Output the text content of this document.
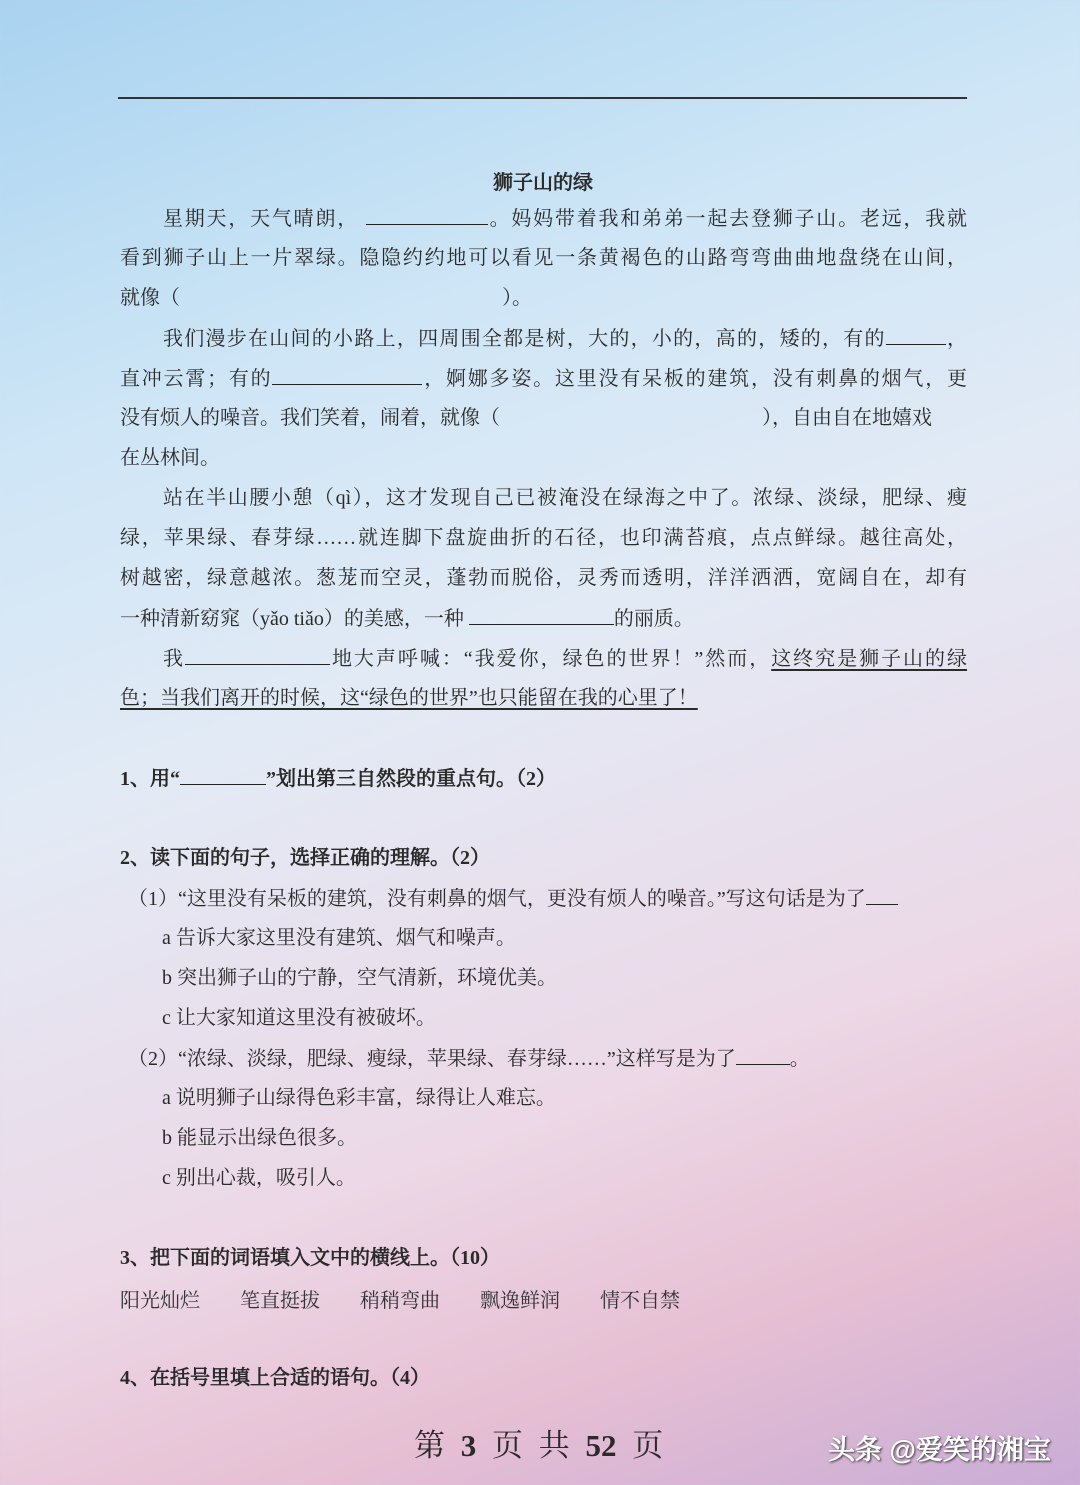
狮子山的绿
星期天，天气晴朗，	。妈妈带着我和弟弟一起去登狮子山。老远，我就
看到狮子山上一片翠绿。隐隐约约地可以看见一条黄褐色的山路弯弯曲曲地盘绕在山间，
就像（	）。
我们漫步在山间的小路上，四周围全都是树，大的，小的，高的，矮的，有的	，
直冲云霄；有的	，婀娜多姿。这里没有呆板的建筑，没有刺鼻的烟气，更
没有烦人的噪音。我们笑着，闹着，就像（	），自由自在地嬉戏
在丛林间。
站在半山腰小憩（qì），这才发现自己已被淹没在绿海之中了。浓绿、淡绿，肥绿、瘦
绿，苹果绿、春芽绿……就连脚下盘旋曲折的石径，也印满苔痕，点点鲜绿。越往高处，
树越密，绿意越浓。葱茏而空灵，蓬勃而脱俗，灵秀而透明，洋洋洒洒，宽阔自在，却有
一种清新窈窕（yǎo tiǎo）的美感，一种	的丽质。
我	地大声呼喊：“我爱你，绿色的世界！”然而，这终究是狮子山的绿
色；当我们离开的时候，这“绿色的世界”也只能留在我的心里了！
1、用“	”划出第三自然段的重点句。（2）
2、读下面的句子，选择正确的理解。（2）
（1）“这里没有呆板的建筑，没有刺鼻的烟气，更没有烦人的噪音。”写这句话是为了
a 告诉大家这里没有建筑、烟气和噪声。
b 突出狮子山的宁静，空气清新，环境优美。
c 让大家知道这里没有被破坏。
（2）“浓绿、淡绿，肥绿、瘦绿，苹果绿、春芽绿……”这样写是为了	。
a 说明狮子山绿得色彩丰富，绿得让人难忘。
b 能显示出绿色很多。
c 别出心裁，吸引人。
3、把下面的词语填入文中的横线上。（10）
阳光灿烂 笔直挺拔 稍稍弯曲 飘逸鲜润 情不自禁
4、在括号里填上合适的语句。（4）
第 3 页 共 52 页	头条 @爱笑的湘宝
